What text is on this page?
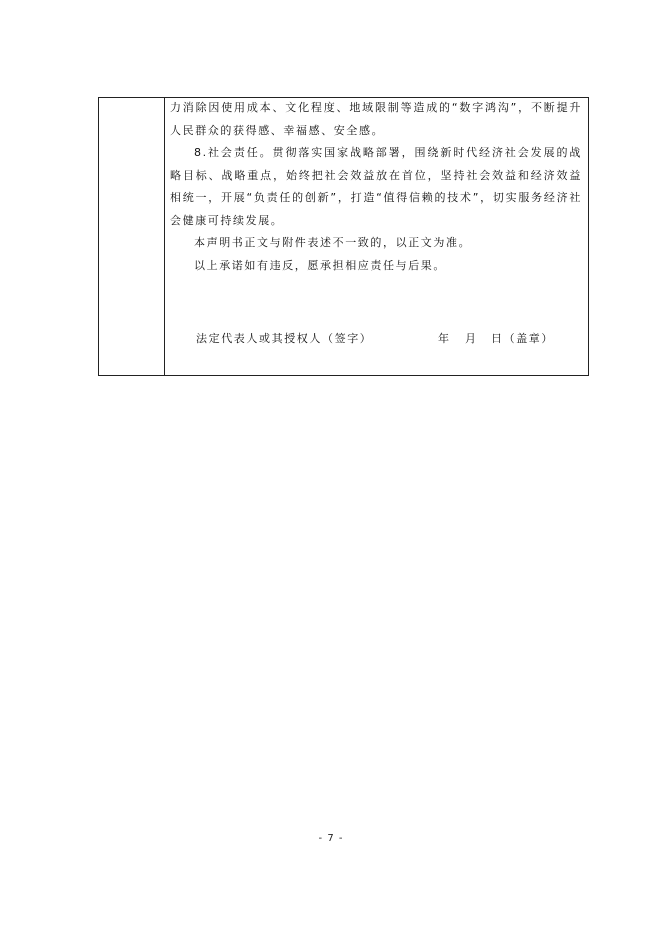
力消除因使用成本、文化程度、地域限制等造成的“数字鸿沟”，不断提升人民群众的获得感、幸福感、安全感。

8.社会责任。贯彻落实国家战略部署，围绕新时代经济社会发展的战略目标、战略重点，始终把社会效益放在首位，坚持社会效益和经济效益相统一，开展“负责任的创新”，打造“值得信赖的技术”，切实服务经济社会健康可持续发展。

本声明书正文与附件表述不一致的，以正文为准。

以上承诺如有违反，愿承担相应责任与后果。

法定代表人或其授权人（签字）	年 月 日（盖章）
- 7 -
